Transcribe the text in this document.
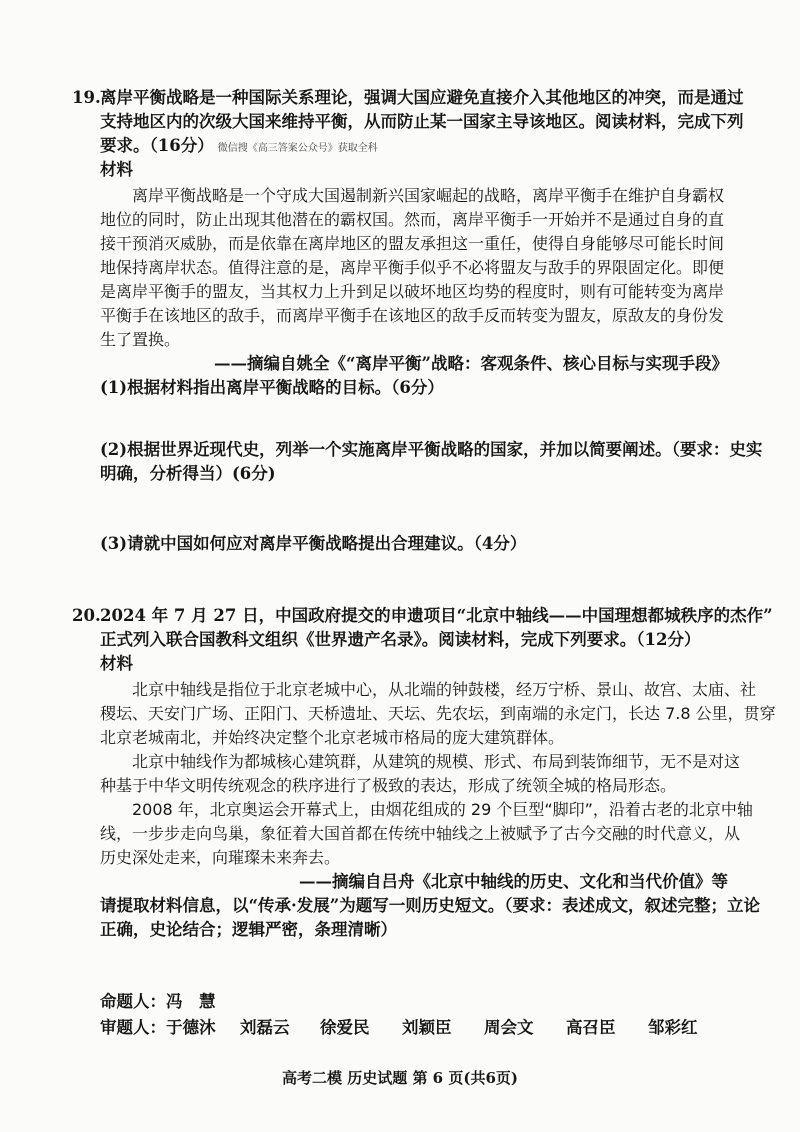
19.离岸平衡战略是一种国际关系理论，强调大国应避免直接介入其他地区的冲突，而是通过
支持地区内的次级大国来维持平衡，从而防止某一国家主导该地区。阅读材料，完成下列
要求。（16分） 微信搜《高三答案公众号》获取全科
材料
离岸平衡战略是一个守成大国遏制新兴国家崛起的战略，离岸平衡手在维护自身霸权
地位的同时，防止出现其他潜在的霸权国。然而，离岸平衡手一开始并不是通过自身的直
接干预消灭威胁，而是依靠在离岸地区的盟友承担这一重任，使得自身能够尽可能长时间
地保持离岸状态。值得注意的是，离岸平衡手似乎不必将盟友与敌手的界限固定化。即便
是离岸平衡手的盟友，当其权力上升到足以破坏地区均势的程度时，则有可能转变为离岸
平衡手在该地区的敌手，而离岸平衡手在该地区的敌手反而转变为盟友，原敌友的身份发
生了置换。
——摘编自姚全《“离岸平衡”战略：客观条件、核心目标与实现手段》
(1)根据材料指出离岸平衡战略的目标。（6分）
(2)根据世界近现代史，列举一个实施离岸平衡战略的国家，并加以简要阐述。（要求：史实
明确，分析得当）(6分)
(3)请就中国如何应对离岸平衡战略提出合理建议。（4分）
20.2024 年 7 月 27 日，中国政府提交的申遗项目“北京中轴线——中国理想都城秩序的杰作”
正式列入联合国教科文组织《世界遗产名录》。阅读材料，完成下列要求。（12分）
材料
北京中轴线是指位于北京老城中心，从北端的钟鼓楼，经万宁桥、景山、故宫、太庙、社
稷坛、天安门广场、正阳门、天桥遗址、天坛、先农坛，到南端的永定门，长达 7.8 公里，贯穿
北京老城南北，并始终决定整个北京老城市格局的庞大建筑群体。
北京中轴线作为都城核心建筑群，从建筑的规模、形式、布局到装饰细节，无不是对这
种基于中华文明传统观念的秩序进行了极致的表达，形成了统领全城的格局形态。
2008 年，北京奥运会开幕式上，由烟花组成的 29 个巨型“脚印”，沿着古老的北京中轴
线，一步步走向鸟巢，象征着大国首都在传统中轴线之上被赋予了古今交融的时代意义，从
历史深处走来，向璀璨未来奔去。
——摘编自吕舟《北京中轴线的历史、文化和当代价值》等
请提取材料信息，以“传承·发展”为题写一则历史短文。（要求：表述成文，叙述完整；立论
正确，史论结合；逻辑严密，条理清晰）
命题人：冯　慧
审题人：于德沐 刘磊云 徐爱民 刘颖臣 周会文 高召臣 邹彩红
高考二模 历史试题 第 6 页(共6页)
